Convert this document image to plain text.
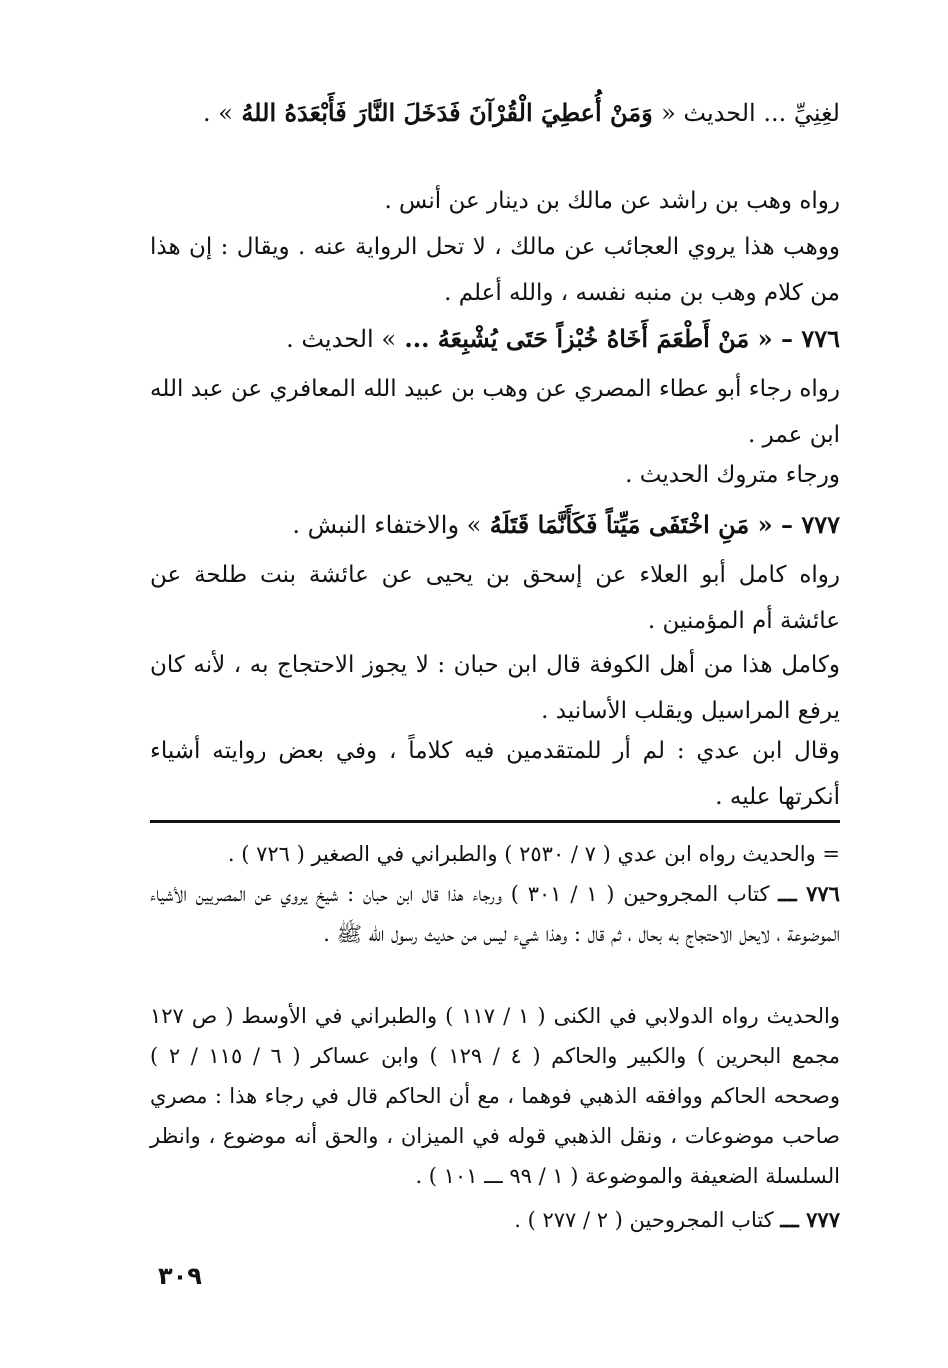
لغِنِيِّ ... الحديث « وَمَنْ أُعطِيَ الْقُرْآنَ فَدَخَلَ النَّارَ فَأَبْعَدَهُ اللهُ » .
رواه وهب بن راشد عن مالك بن دينار عن أنس .
ووهب هذا يروي العجائب عن مالك ، لا تحل الرواية عنه . ويقال : إن هذا من كلام وهب بن منبه نفسه ، والله أعلم .
٧٧٦ – « مَنْ أَطْعَمَ أَخَاهُ خُبْزاً حَتَى يُشْبِعَهُ ... » الحديث .
رواه رجاء أبو عطاء المصري عن وهب بن عبيد الله المعافري عن عبد الله ابن عمر .
ورجاء متروك الحديث .
٧٧٧ – « مَنِ اخْتَفَى مَيِّتاً فَكَأَنَّمَا قَتَلَهُ » والاختفاء النبش .
رواه كامل أبو العلاء عن إسحق بن يحيى عن عائشة بنت طلحة عن عائشة أم المؤمنين .
وكامل هذا من أهل الكوفة قال ابن حبان : لا يجوز الاحتجاج به ، لأنه كان يرفع المراسيل ويقلب الأسانيد .
وقال ابن عدي : لم أر للمتقدمين فيه كلاماً ، وفي بعض روايته أشياء أنكرتها عليه .
= والحديث رواه ابن عدي ( ٧ / ٢٥٣٠ ) والطبراني في الصغير ( ٧٢٦ ) .
٧٧٦ ـــ كتاب المجروحين ( ١ / ٣٠١ ) ورجاء هذا قال ابن حبان : شيخ يروي عن المصريين الأشياء الموضوعة ، لايحل الاحتجاج به بحال ، ثم قال : وهذا شيء ليس من حديث رسول الله ﷺ .
والحديث رواه الدولابي في الكنى ( ١ / ١١٧ ) والطبراني في الأوسط ( ص ١٢٧ مجمع البحرين ) والكبير والحاكم ( ٤ / ١٢٩ ) وابن عساكر ( ٦ / ١١٥ / ٢ ) وصححه الحاكم ووافقه الذهبي فوهما ، مع أن الحاكم قال في رجاء هذا : مصري صاحب موضوعات ، ونقل الذهبي قوله في الميزان ، والحق أنه موضوع ، وانظر السلسلة الضعيفة والموضوعة ( ١ / ٩٩ ـــ ١٠١ ) .
٧٧٧ ـــ كتاب المجروحين ( ٢ / ٢٧٧ ) .
٣٠٩
